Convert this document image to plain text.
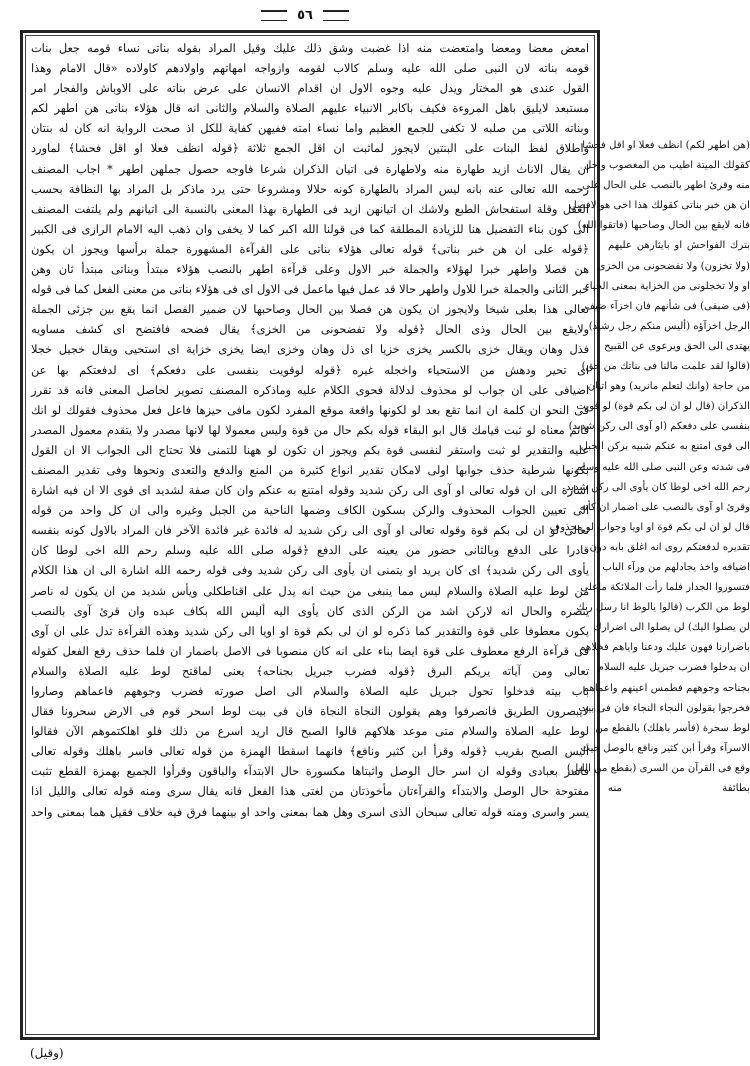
٥٦

امعض معضا ومعضا وامتعضت منه اذا غضبت وشق ذلك عليك وقيل المراد بقوله بناتى نساء قومه جعل بنات

قومه بناته لان النبى صلى الله عليه وسلم كالاب لقومه وازواجه امهاتهم واولادهم كاولاده «قال الامام وهذا

القول عندى هو المختار ويدل عليه وجوه الاول ان اقدام الانسان على عرض بناته على الاوباش والفجار امر

مستبعد لايليق باهل المروءة فكيف باكابر الانبياء عليهم الصلاة والسلام والثانى انه قال هؤلاء بناتى هن اطهر لكم

وبناته اللاتى من صلبه لا تكفى للجمع العظيم واما نساء امته ففيهن كفاية للكل اذ صحت الرواية انه كان له بنتان

واطلاق لفظ البنات على البنتين لايجوز لماثبت ان اقل الجمع ثلاثة ﴿قوله انظف فعلا او اقل فحشا﴾ لماورد

ان يقال الاناث ازيد طهارة منه ولاطهارة فى اتيان الذكران شرعا فاوجه حصول جملهن اطهر * اجاب المصنف

رحمه الله تعالى عنه بانه ليس المراد بالطهارة كونه حلالا ومشروعا حتى يرد ماذكر بل المراد بها النظافة بحسب

العقل وقلة استفحاش الطبع ولاشك ان اتيانهن ازيد فى الطهارة بهذا المعنى بالنسبة الى اتيانهم ولم يلتفت المصنف

الى كون بناء التفضيل هنا للزيادة المطلقة كما فى قولنا الله اكبر كما لا يخفى وان ذهب اليه الامام الرازى فى الكبير

﴿قوله على ان هن خبر بناتى﴾ قوله تعالى هؤلاء بناتى على القرآءة المشهورة جملة برأسها ويجوز ان يكون

هن فصلا واطهر خبرا لهؤلاء والجملة خبر الاول وعلى قرآءة اطهر بالنصب هؤلاء مبتدأ وبناتى مبتدأ ثان وهن

خبر الثانى والجملة خبرا للاول واطهر حالا قد عمل فيها ماعمل فى الاول اى فى هؤلاء بناتى من معنى الفعل كما فى قوله

تعالى هذا بعلى شيخا ولايجوز ان يكون هن فصلا بين الحال وصاحبها لان ضمير الفصل انما يقع بين جزئى الجملة

ولايقع بين الحال وذى الحال ﴿قوله ولا تفضحونى من الخزى﴾ يقال فضحه فافتضح اى كشف مساويه

فذل وهان ويقال خزى بالكسر يخزى خزيا اى ذل وهان وخزى ايضا يخزى خزاية اى استحيى ويقال خجيل خجلا

اى تحير ودهش من الاستحياء واخجله غيره ﴿قوله لوقويت بنفسى على دفعكم﴾ اى لدفعتكم بها عن

اضيافى على ان جواب لو محذوف لدلالة فحوى الكلام عليه وماذكره المصنف تصوير لحاصل المعنى فانه قد تقرر

فى النحو ان كلمة ان انما تقع بعد لو لكونها واقعة موقع المفرد لكون مافى حيزها فاعل فعل محذوف فقولك لو انك

قائم معناه لو ثبت قيامك قال ابو البقاء قوله بكم حال من قوة وليس معمولا لها لانها مصدر ولا يتقدم معمول المصدر

عليه والتقدير لو ثبت واستقر لنفسى قوة بكم ويجوز ان تكون لو ههنا للتمنى فلا تحتاج الى الجواب الا ان القول

بكونها شرطية حذف جوابها اولى لامكان تقدير انواع كثيرة من المنع والدفع والتعدى ونحوها وفى تقدير المصنف

اشارة الى ان قوله تعالى او آوى الى ركن شديد وقوله امتنع به عنكم وان كان صفة لشديد اى قوى الا ان فيه اشارة

الى تعيين الجواب المحذوف والركن بسكون الكاف وضمها الناحية من الجبل وغيره والى ان كل واحد من قوله

تعالى لو ان لى بكم قوة وقوله تعالى او آوى الى ركن شديد له فائدة غير فائدة الآخر فان المراد بالاول كونه بنفسه

قادرا على الدفع وبالثانى حضور من يعينه على الدفع ﴿قوله صلى الله عليه وسلم رحم الله اخى لوطا كان

يأوى الى ركن شديد﴾ اى كان يريد او يتمنى ان يأوى الى ركن شديد وفى قوله رحمه الله اشارة الى ان هذا الكلام

من لوط عليه الصلاة والسلام ليس مما ينبغى من حيث انه يدل على اقناطكلى ويأس شديد من ان يكون له ناصر

ينصره والحال انه لاركن اشد من الركن الذى كان يأوى اليه أليس الله بكاف عبده وان قرئ آوى بالنصب

يكون معطوفا على قوة والتقدير كما ذكره لو ان لى بكم قوة او اويا الى ركن شديد وهذه القرآءة تدل على ان آوى

فى قرآءة الرفع معطوف على قوة ايضا بناء على انه كان منصوبا فى الاصل باضمار ان فلما حذف رفع الفعل كقوله

تعالى ومن آياته يريكم البرق ﴿قوله فضرب جبريل بجناحه﴾ يعنى لماقتح لوط عليه الصلاة والسلام

باب بيته فدخلوا تحول جبريل عليه الصلاة والسلام الى اصل صورته فضرب وجوههم فاعماهم وصاروا

لايبصرون الطريق فانصرفوا وهم يقولون النجاة النجاة فان فى بيت لوط اسحر قوم فى الارض سحرونا فقال

لوط عليه الصلاة والسلام متى موعد هلاكهم قالوا الصبح قال اريد اسرع من ذلك فلو اهلكتموهم الآن فقالوا

أليس الصبح بقريب ﴿قوله وقرأ ابن كثير ونافع﴾ فانهما اسقطا الهمزة من قوله تعالى فاسر باهلك وقوله تعالى

فاسر بعبادى وقوله ان اسر حال الوصل واثبتاها مكسورة حال الابتدآء والباقون وقرأوا الجميع بهمزة القطع تثبت

مفتوحة حال الوصل والابتدآء والقرآءتان مأخوذتان من لغتى هذا الفعل فانه يقال سرى ومنه قوله تعالى والليل اذا

يسر واسرى ومنه قوله تعالى سبحان الذى اسرى وهل هما بمعنى واحد او بينهما فرق فيه خلاف فقيل هما بمعنى واحد

(هن اطهر لكم) انظف فعلا او اقل فحشا

كقولك الميتة اطيب من المغصوب واحل

منه وقرئ اطهر بالنصب على الحال على

ان هن خبر بناتى كقولك هذا اخى هو لافصل

فانه لايقع بين الحال وصاحبها (فاتقوا الله)

بترك الفواحش او بايثارهن عليهم

(ولا تخزون) ولا تفضحونى من الخزى

او ولا تخجلونى من الخزاية بمعنى الحياء

(فى ضيفى) فى شأنهم فان اخزآء ضيف

الرجل اخزآؤه (أليس منكم رجل رشيد)

يهتدى الى الحق ويرعوى عن القبيح

(قالوا لقد علمت مالنا فى بناتك من حق)

من حاجة (وانك لتعلم مانريد) وهو اتيان

الذكران (قال لو ان لى بكم قوة) لو قويت

بنفسى على دفعكم (او آوى الى ركن شديد)

الى قوى امتنع به عنكم شبيه بركن الجبل

فى شدته وعن النبى صلى الله عليه وسلم

رحم الله اخى لوطا كان يأوى الى ركن شديد

وقرئ او آوى بالنصب على اضمار ان كأنه

قال لو ان لى بكم قوة او اويا وجواب لو محذوف

تقديره لدفعتكم روى انه اغلق بابه دون

اضيافه واخذ يجادلهم من ورآء الباب

فتسوروا الجدار فلما رأت الملائكة ماعلى

لوط من الكرب (قالوا يالوط انا رسل ربك

لن يصلوا اليك) لن يصلوا الى اضرارك

باضرارنا فهون عليك ودعنا واياهم فخلاهم

ان يدخلوا فضرب جبريل عليه السلام

بجناحه وجوههم فطمس اعينهم واعماهم

فخرجوا يقولون النجاء النجاء فان فى بيت

لوط سحرة (فأسر باهلك) بالقطع من

الاسرآء وقرأ ابن كثير ونافع بالوصل حيث

وقع فى القرآن من السرى (بقطع من الليل)

بطائفة منه

(وقيل)
